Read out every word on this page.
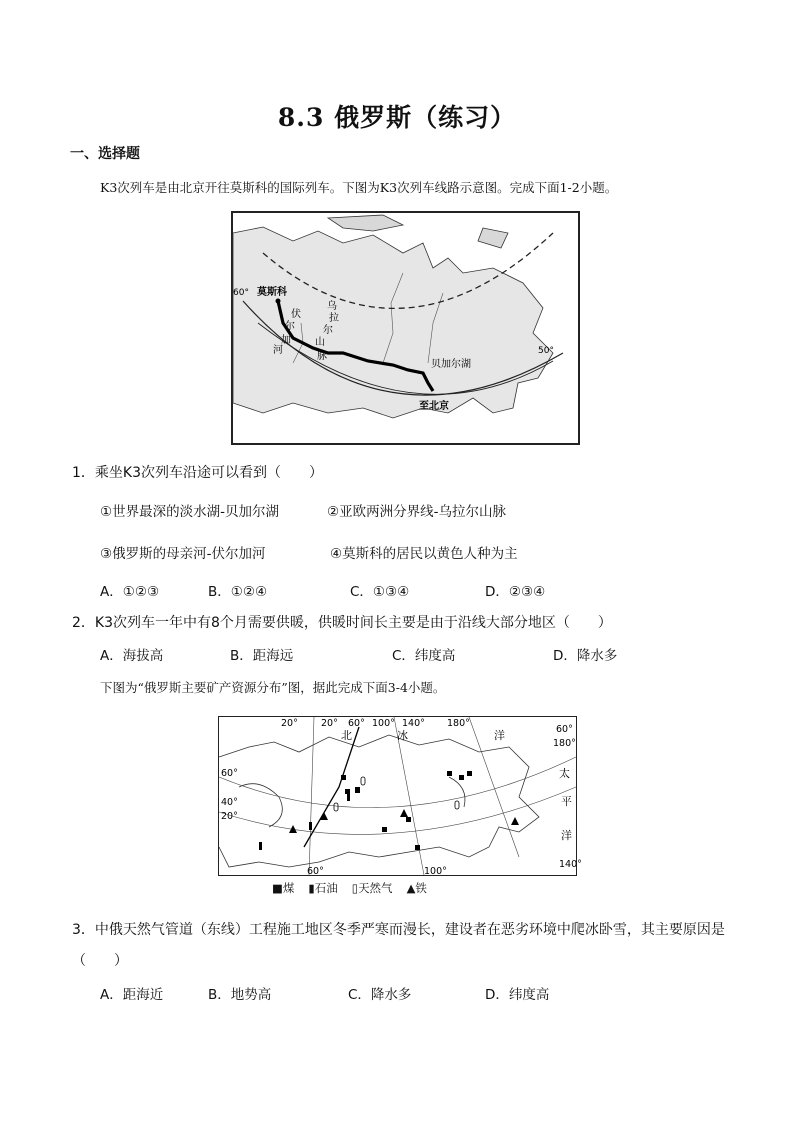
8.3 俄罗斯（练习）
一、选择题
K3次列车是由北京开往莫斯科的国际列车。下图为K3次列车线路示意图。完成下面1-2小题。
60°
50°
莫斯科
伏
尔
加
河
乌
拉
尔
山
脉
贝加尔湖
至北京
1．乘坐K3次列车沿途可以看到（　　）
①世界最深的淡水湖-贝加尔湖	②亚欧两洲分界线-乌拉尔山脉
③俄罗斯的母亲河-伏尔加河	④莫斯科的居民以黄色人种为主
A．①②③	B．①②④	C．①③④	D．②③④
2．K3次列车一年中有8个月需要供暖，供暖时间长主要是由于沿线大部分地区（　　）
A．海拔高	B．距海远	C．纬度高	D．降水多
下图为“俄罗斯主要矿产资源分布”图，据此完成下面3-4小题。
20° 20° 60° 100° 140° 180°
60°
180°
60°
40°
20°
60°	100°
140°
北	冰	洋
太
平
洋
■煤 ▮石油 ▯天然气 ▲铁
3．中俄天然气管道（东线）工程施工地区冬季严寒而漫长，建设者在恶劣环境中爬冰卧雪，其主要原因是
（　　）
A．距海近	B．地势高	C．降水多	D．纬度高
